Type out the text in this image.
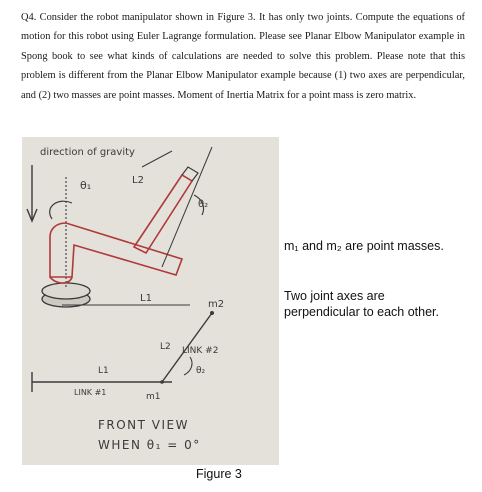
Q4. Consider the robot manipulator shown in Figure 3. It has only two joints. Compute the equations of motion for this robot using Euler Lagrange formulation. Please see Planar Elbow Manipulator example in Spong book to see what kinds of calculations are needed to solve this problem. Please note that this problem is different from the Planar Elbow Manipulator example because (1) two axes are perpendicular, and (2) two masses are point masses. Moment of Inertia Matrix for a point mass is zero matrix.

direction of gravity
θ₁
θ₂
L2
L1
θ₂
m2
L2 LINK #2
L1
LINK #1	m1
FRONT VIEW
WHEN θ₁ = 0°
m₁ and m₂ are point masses.
Two joint axes are perpendicular to each other.
Figure 3
